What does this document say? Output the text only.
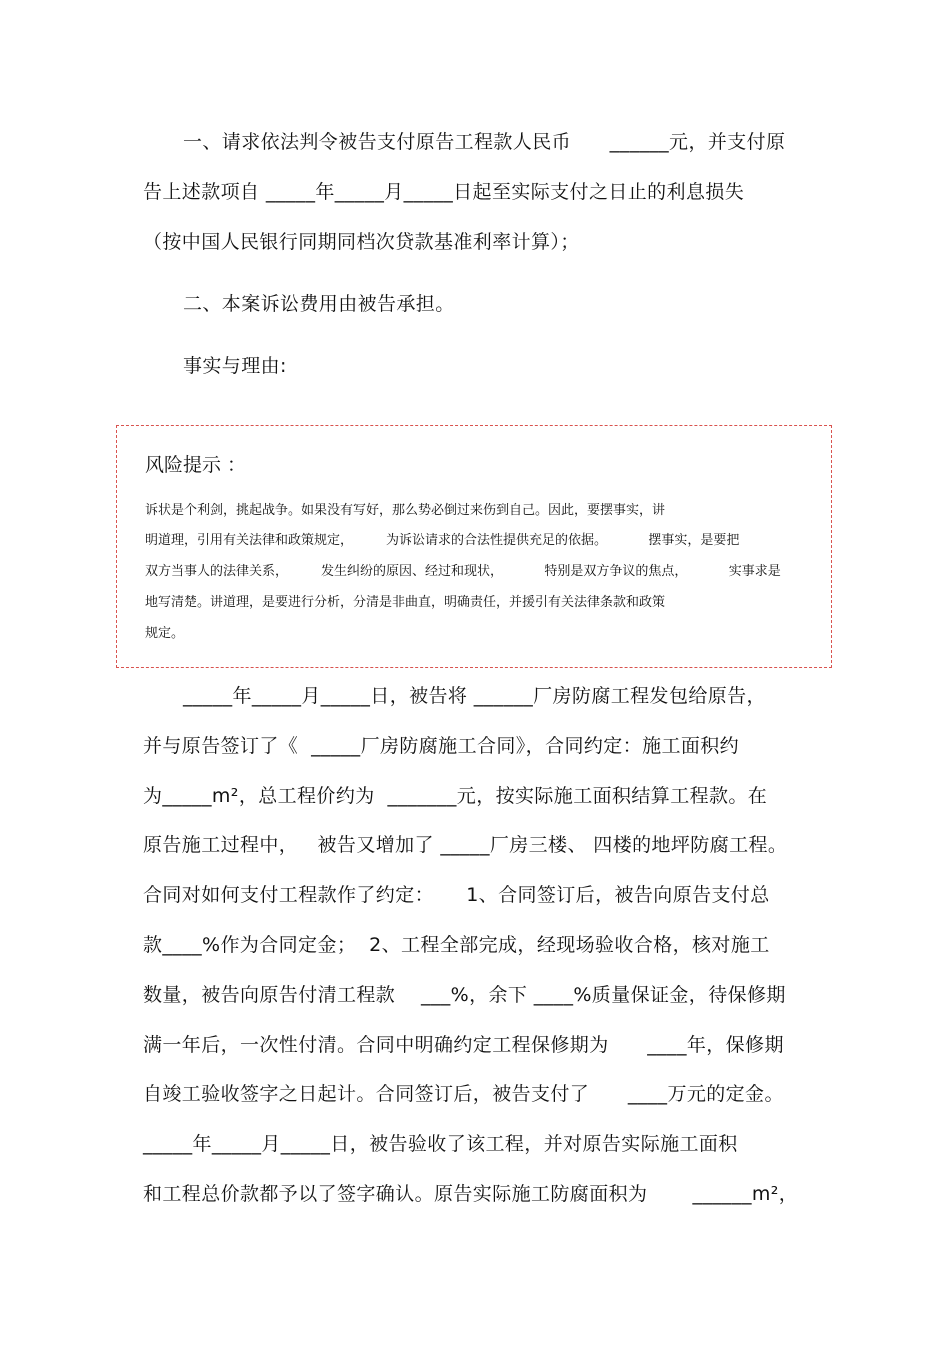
一、请求依法判令被告支付原告工程款人民币      ______元，并支付原
告上述款项自 _____年_____月_____日起至实际支付之日止的利息损失
（按中国人民银行同期同档次贷款基准利率计算）；
二、本案诉讼费用由被告承担。
事实与理由:
风险提示 ：
诉状是个利剑，挑起战争。如果没有写好，那么势必倒过来伤到自己。因此，要摆事实，讲
明道理，引用有关法律和政策规定，        为诉讼请求的合法性提供充足的依据。          摆事实，是要把
双方当事人的法律关系，        发生纠纷的原因、经过和现状，          特别是双方争议的焦点，          实事求是
地写清楚。讲道理，是要进行分析，分清是非曲直，明确责任，并援引有关法律条款和政策
规定。
_____年_____月_____日，被告将 ______厂房防腐工程发包给原告，
并与原告签订了《  _____厂房防腐施工合同》，合同约定：施工面积约
为_____m²，总工程价约为  _______元，按实际施工面积结算工程款。在
原告施工过程中，   被告又增加了 _____厂房三楼、 四楼的地坪防腐工程。
合同对如何支付工程款作了约定：     1、合同签订后，被告向原告支付总
款____%作为合同定金；  2、工程全部完成，经现场验收合格，核对施工
数量，被告向原告付清工程款    ___%，余下 ____%质量保证金，待保修期
满一年后，一次性付清。合同中明确约定工程保修期为      ____年，保修期
自竣工验收签字之日起计。合同签订后，被告支付了      ____万元的定金。
_____年_____月_____日，被告验收了该工程，并对原告实际施工面积
和工程总价款都予以了签字确认。原告实际施工防腐面积为       ______m²，
